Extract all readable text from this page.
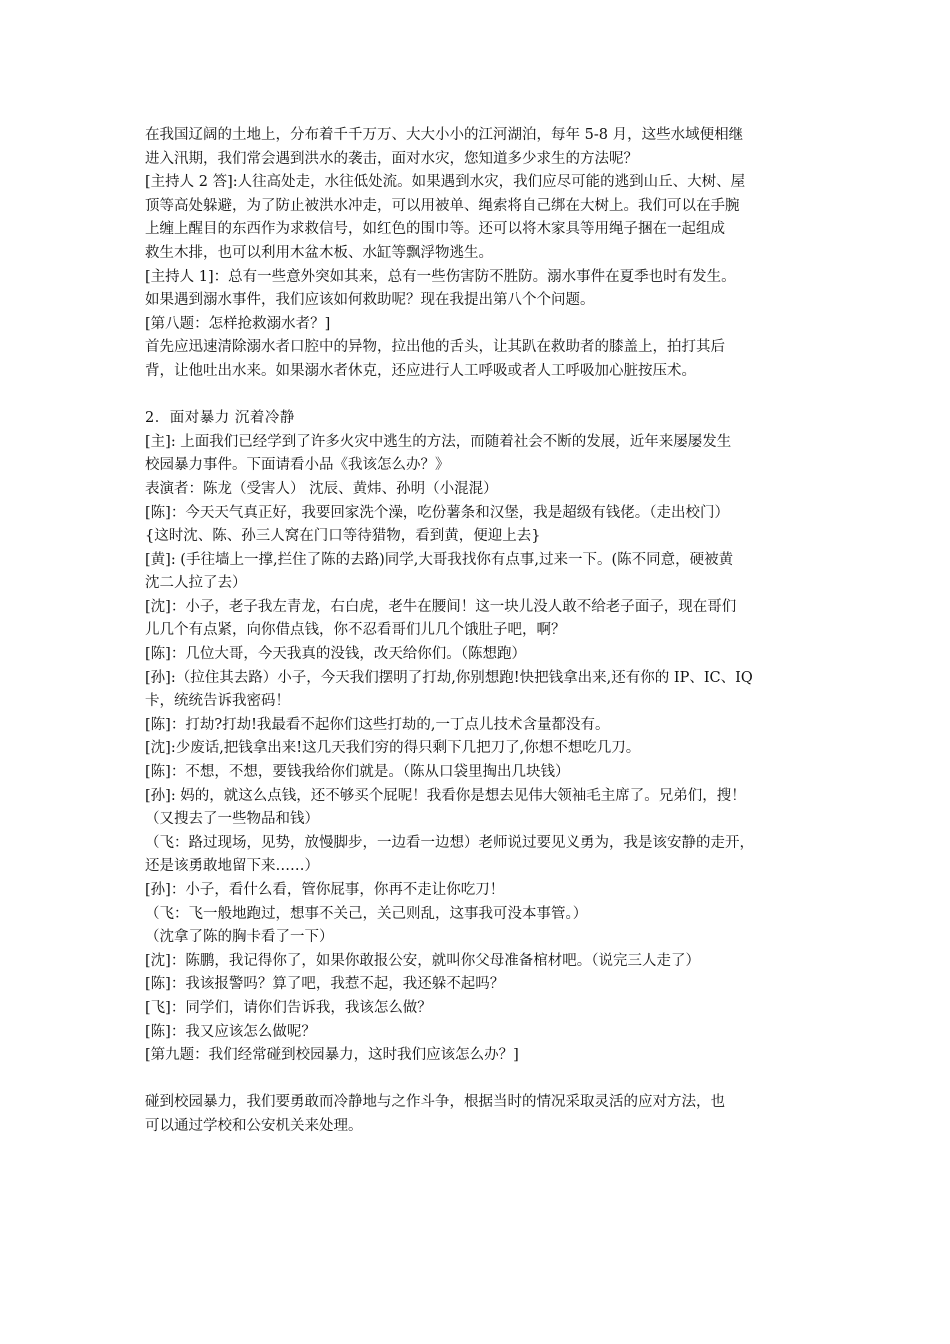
在我国辽阔的土地上，分布着千千万万、大大小小的江河湖泊，每年 5-8 月，这些水域便相继
进入汛期，我们常会遇到洪水的袭击，面对水灾，您知道多少求生的方法呢？
[主持人 2 答]:人往高处走，水往低处流。如果遇到水灾，我们应尽可能的逃到山丘、大树、屋
顶等高处躲避，为了防止被洪水冲走，可以用被单、绳索将自己绑在大树上。我们可以在手腕
上缠上醒目的东西作为求救信号，如红色的围巾等。还可以将木家具等用绳子捆在一起组成
救生木排，也可以利用木盆木板、水缸等飘浮物逃生。
[主持人 1]：总有一些意外突如其来，总有一些伤害防不胜防。溺水事件在夏季也时有发生。
如果遇到溺水事件，我们应该如何救助呢？现在我提出第八个个问题。
[第八题：怎样抢救溺水者？]
首先应迅速清除溺水者口腔中的异物，拉出他的舌头，让其趴在救助者的膝盖上，拍打其后
背，让他吐出水来。如果溺水者休克，还应进行人工呼吸或者人工呼吸加心脏按压术。
2．面对暴力 沉着冷静
[主]: 上面我们已经学到了许多火灾中逃生的方法，而随着社会不断的发展，近年来屡屡发生
校园暴力事件。下面请看小品《我该怎么办？》
表演者：陈龙（受害人） 沈辰、黄炜、孙明（小混混）
[陈]：今天天气真正好，我要回家洗个澡，吃份薯条和汉堡，我是超级有钱佬。（走出校门）
{这时沈、陈、孙三人窝在门口等待猎物，看到黄，便迎上去}
[黄]: (手往墙上一撑,拦住了陈的去路)同学,大哥我找你有点事,过来一下。(陈不同意，硬被黄
沈二人拉了去）
[沈]：小子，老子我左青龙，右白虎，老牛在腰间！这一块儿没人敢不给老子面子，现在哥们
儿几个有点紧，向你借点钱，你不忍看哥们儿几个饿肚子吧，啊？
[陈]：几位大哥，今天我真的没钱，改天给你们。（陈想跑）
[孙]:（拉住其去路）小子，今天我们摆明了打劫,你别想跑!快把钱拿出来,还有你的 IP、IC、IQ
卡，统统告诉我密码！
[陈]：打劫?打劫!我最看不起你们这些打劫的,一丁点儿技术含量都没有。
[沈]:少废话,把钱拿出来!这几天我们穷的得只剩下几把刀了,你想不想吃几刀。
[陈]：不想，不想，要钱我给你们就是。（陈从口袋里掏出几块钱）
[孙]: 妈的，就这么点钱，还不够买个屁呢！我看你是想去见伟大领袖毛主席了。兄弟们，搜！
（又搜去了一些物品和钱）
（飞：路过现场，见势，放慢脚步，一边看一边想）老师说过要见义勇为，我是该安静的走开，
还是该勇敢地留下来……）
[孙]：小子，看什么看，管你屁事，你再不走让你吃刀！
（飞：飞一般地跑过，想事不关己，关己则乱，这事我可没本事管。）
（沈拿了陈的胸卡看了一下）
[沈]：陈鹏，我记得你了，如果你敢报公安，就叫你父母准备棺材吧。（说完三人走了）
[陈]：我该报警吗？算了吧，我惹不起，我还躲不起吗？
[飞]：同学们，请你们告诉我，我该怎么做？
[陈]：我又应该怎么做呢？
[第九题：我们经常碰到校园暴力，这时我们应该怎么办？]
碰到校园暴力，我们要勇敢而冷静地与之作斗争，根据当时的情况采取灵活的应对方法，也
可以通过学校和公安机关来处理。
